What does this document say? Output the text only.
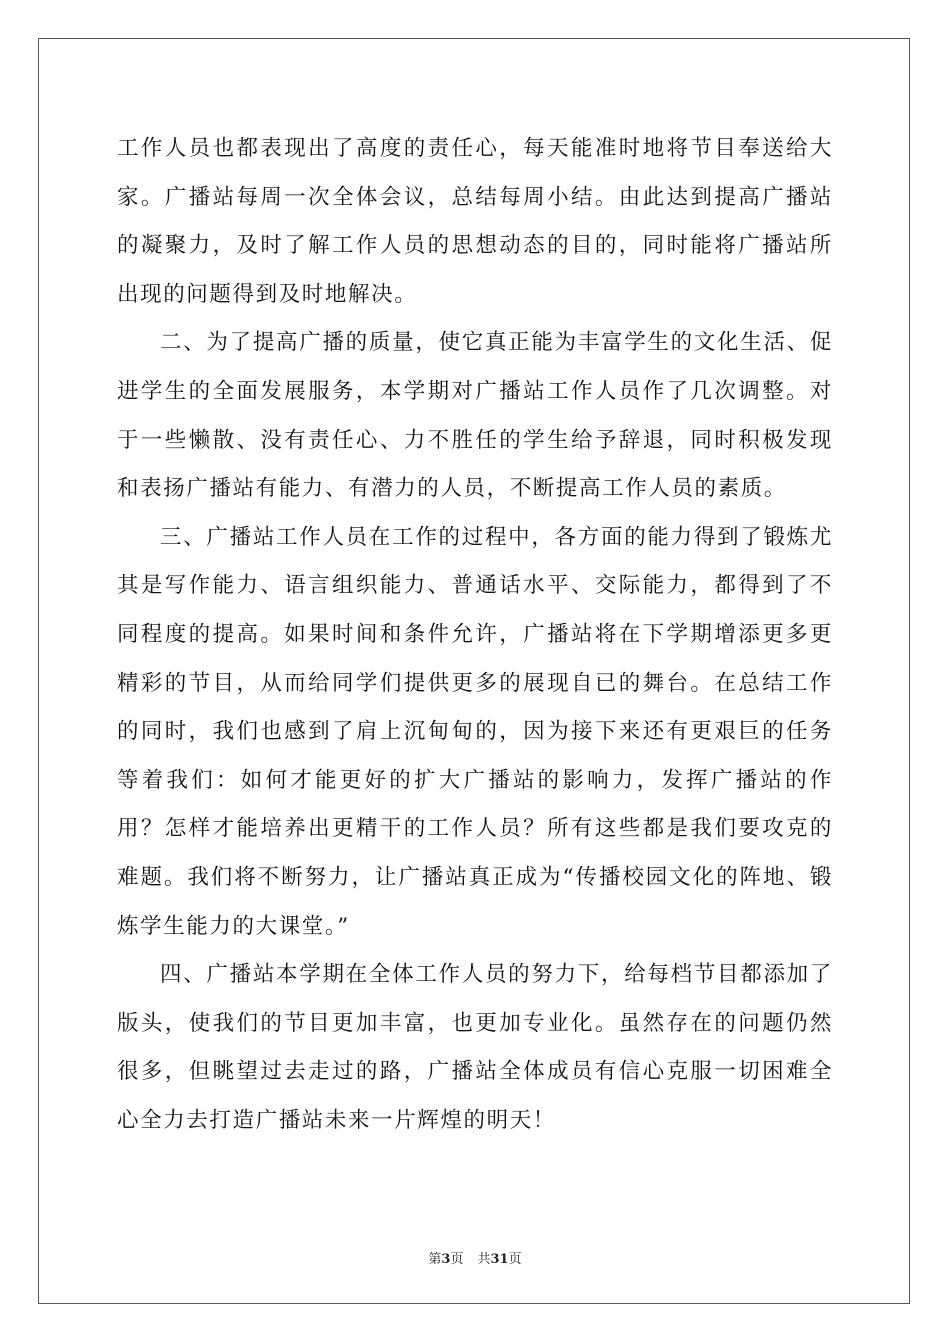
工作人员也都表现出了高度的责任心，每天能准时地将节目奉送给大家。广播站每周一次全体会议，总结每周小结。由此达到提高广播站的凝聚力，及时了解工作人员的思想动态的目的，同时能将广播站所出现的问题得到及时地解决。

二、为了提高广播的质量，使它真正能为丰富学生的文化生活、促进学生的全面发展服务，本学期对广播站工作人员作了几次调整。对于一些懒散、没有责任心、力不胜任的学生给予辞退，同时积极发现和表扬广播站有能力、有潜力的人员，不断提高工作人员的素质。

三、广播站工作人员在工作的过程中，各方面的能力得到了锻炼尤其是写作能力、语言组织能力、普通话水平、交际能力，都得到了不同程度的提高。如果时间和条件允许，广播站将在下学期增添更多更精彩的节目，从而给同学们提供更多的展现自已的舞台。在总结工作的同时，我们也感到了肩上沉甸甸的，因为接下来还有更艰巨的任务等着我们：如何才能更好的扩大广播站的影响力，发挥广播站的作用？怎样才能培养出更精干的工作人员？所有这些都是我们要攻克的难题。我们将不断努力，让广播站真正成为“传播校园文化的阵地、锻炼学生能力的大课堂。”

四、广播站本学期在全体工作人员的努力下，给每档节目都添加了版头，使我们的节目更加丰富，也更加专业化。虽然存在的问题仍然很多，但眺望过去走过的路，广播站全体成员有信心克服一切困难全心全力去打造广播站未来一片辉煌的明天！

第3页 共31页
